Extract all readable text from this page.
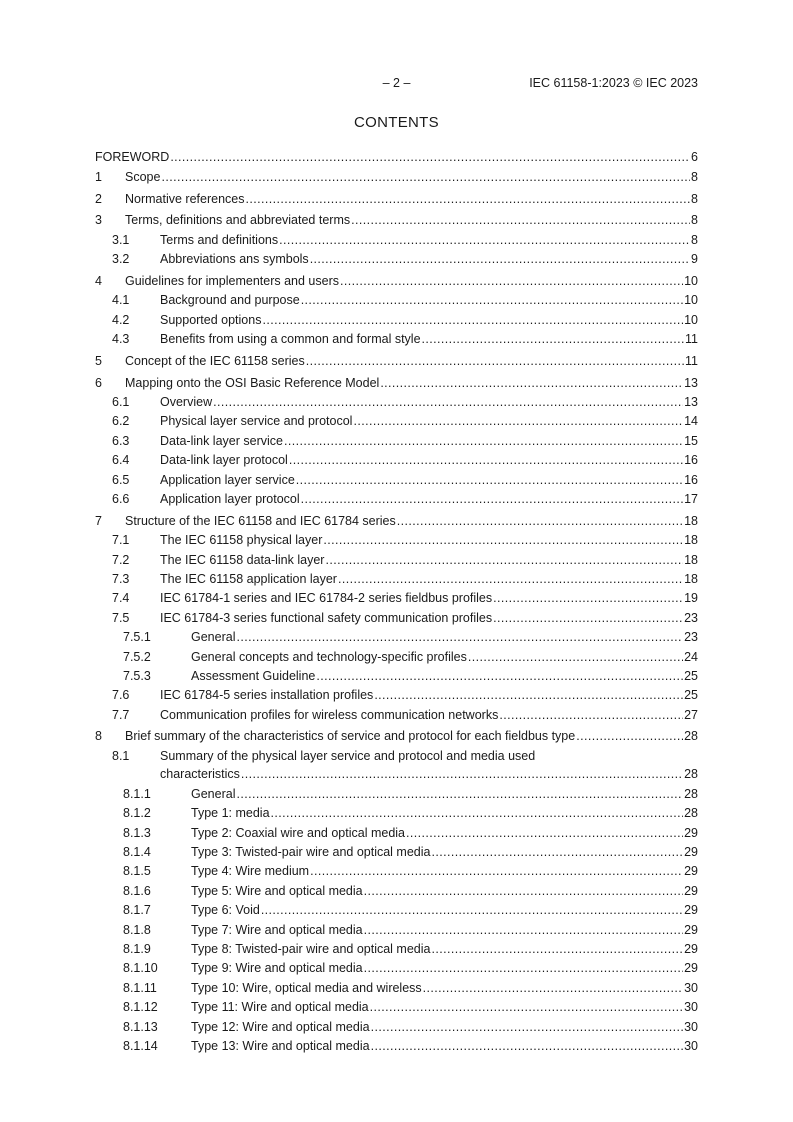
– 2 –	IEC 61158-1:2023 © IEC 2023
CONTENTS
FOREWORD .....	6
1	Scope .....	8
2	Normative references .....	8
3	Terms, definitions and abbreviated terms .....	8
3.1	Terms and definitions .....	8
3.2	Abbreviations ans symbols .....	9
4	Guidelines for implementers and users .....	10
4.1	Background and purpose .....	10
4.2	Supported options .....	10
4.3	Benefits from using a common and formal style .....	11
5	Concept of the IEC 61158 series .....	11
6	Mapping onto the OSI Basic Reference Model .....	13
6.1	Overview .....	13
6.2	Physical layer service and protocol .....	14
6.3	Data-link layer service .....	15
6.4	Data-link layer protocol .....	16
6.5	Application layer service .....	16
6.6	Application layer protocol .....	17
7	Structure of the IEC 61158 and IEC 61784 series .....	18
7.1	The IEC 61158 physical layer .....	18
7.2	The IEC 61158 data-link layer .....	18
7.3	The IEC 61158 application layer .....	18
7.4	IEC 61784-1 series and IEC 61784-2 series fieldbus profiles .....	19
7.5	IEC 61784-3 series functional safety communication profiles .....	23
7.5.1	General .....	23
7.5.2	General concepts and technology-specific profiles .....	24
7.5.3	Assessment Guideline .....	25
7.6	IEC 61784-5 series installation profiles .....	25
7.7	Communication profiles for wireless communication networks .....	27
8	Brief summary of the characteristics of service and protocol for each fieldbus type .....	28
8.1 Summary of the physical layer service and protocol and media used
characteristics .....	28
8.1.1	General .....	28
8.1.2	Type 1: media .....	28
8.1.3	Type 2: Coaxial wire and optical media .....	29
8.1.4	Type 3: Twisted-pair wire and optical media .....	29
8.1.5	Type 4: Wire medium .....	29
8.1.6	Type 5: Wire and optical media .....	29
8.1.7	Type 6: Void .....	29
8.1.8	Type 7: Wire and optical media .....	29
8.1.9	Type 8: Twisted-pair wire and optical media .....	29
8.1.10	Type 9: Wire and optical media .....	29
8.1.11	Type 10: Wire, optical media and wireless .....	30
8.1.12	Type 11: Wire and optical media .....	30
8.1.13	Type 12: Wire and optical media .....	30
8.1.14	Type 13: Wire and optical media .....	30
